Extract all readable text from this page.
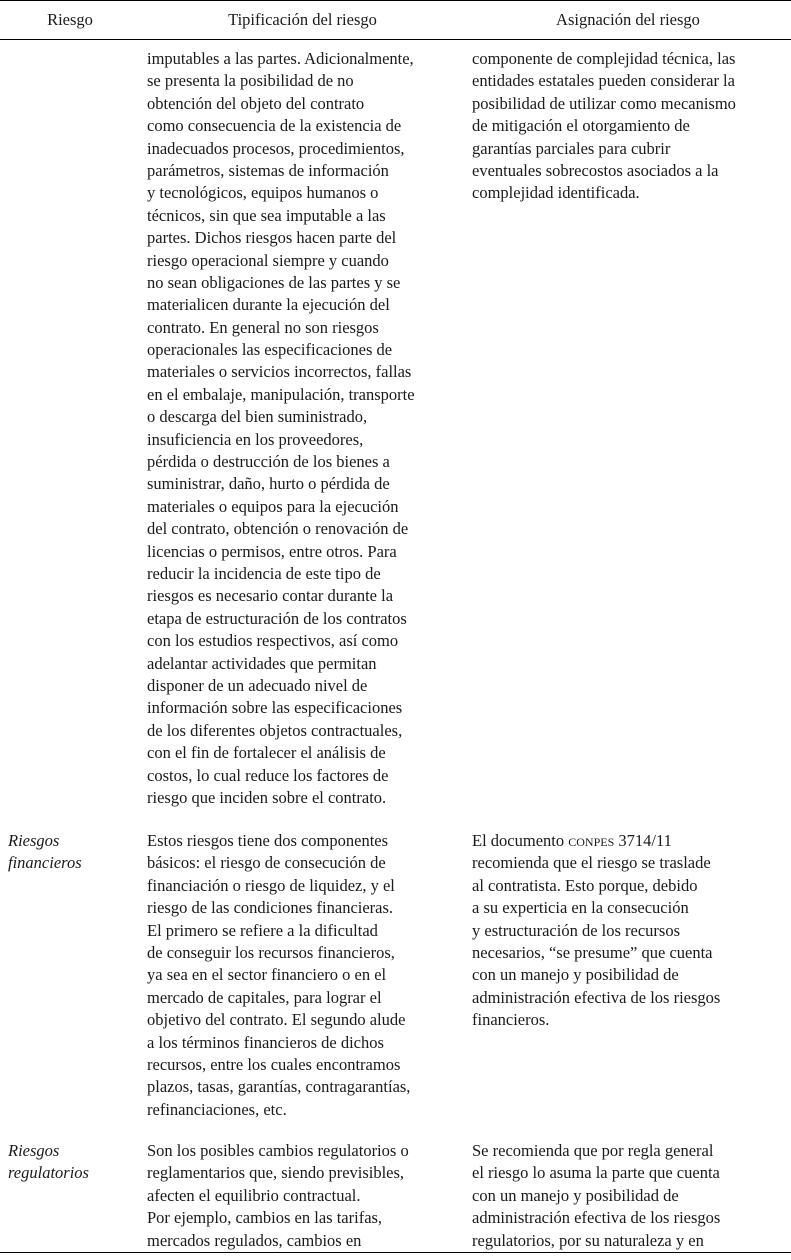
Riesgo	Tipificación del riesgo	Asignación del riesgo
imputables a las partes. Adicionalmente,
se presenta la posibilidad de no
obtención del objeto del contrato
como consecuencia de la existencia de
inadecuados procesos, procedimientos,
parámetros, sistemas de información
y tecnológicos, equipos humanos o
técnicos, sin que sea imputable a las
partes. Dichos riesgos hacen parte del
riesgo operacional siempre y cuando
no sean obligaciones de las partes y se
materialicen durante la ejecución del
contrato. En general no son riesgos
operacionales las especificaciones de
materiales o servicios incorrectos, fallas
en el embalaje, manipulación, transporte
o descarga del bien suministrado,
insuficiencia en los proveedores,
pérdida o destrucción de los bienes a
suministrar, daño, hurto o pérdida de
materiales o equipos para la ejecución
del contrato, obtención o renovación de
licencias o permisos, entre otros. Para
reducir la incidencia de este tipo de
riesgos es necesario contar durante la
etapa de estructuración de los contratos
con los estudios respectivos, así como
adelantar actividades que permitan
disponer de un adecuado nivel de
información sobre las especificaciones
de los diferentes objetos contractuales,
con el fin de fortalecer el análisis de
costos, lo cual reduce los factores de
riesgo que inciden sobre el contrato.
componente de complejidad técnica, las
entidades estatales pueden considerar la
posibilidad de utilizar como mecanismo
de mitigación el otorgamiento de
garantías parciales para cubrir
eventuales sobrecostos asociados a la
complejidad identificada.
Riesgos
financieros
Estos riesgos tiene dos componentes
básicos: el riesgo de consecución de
financiación o riesgo de liquidez, y el
riesgo de las condiciones financieras.
El primero se refiere a la dificultad
de conseguir los recursos financieros,
ya sea en el sector financiero o en el
mercado de capitales, para lograr el
objetivo del contrato. El segundo alude
a los términos financieros de dichos
recursos, entre los cuales encontramos
plazos, tasas, garantías, contragarantías,
refinanciaciones, etc.
El documento conpes 3714/11
recomienda que el riesgo se traslade
al contratista. Esto porque, debido
a su experticia en la consecución
y estructuración de los recursos
necesarios, “se presume” que cuenta
con un manejo y posibilidad de
administración efectiva de los riesgos
financieros.
Riesgos
regulatorios
Son los posibles cambios regulatorios o
reglamentarios que, siendo previsibles,
afecten el equilibrio contractual.
Por ejemplo, cambios en las tarifas,
mercados regulados, cambios en
Se recomienda que por regla general
el riesgo lo asuma la parte que cuenta
con un manejo y posibilidad de
administración efectiva de los riesgos
regulatorios, por su naturaleza y en
